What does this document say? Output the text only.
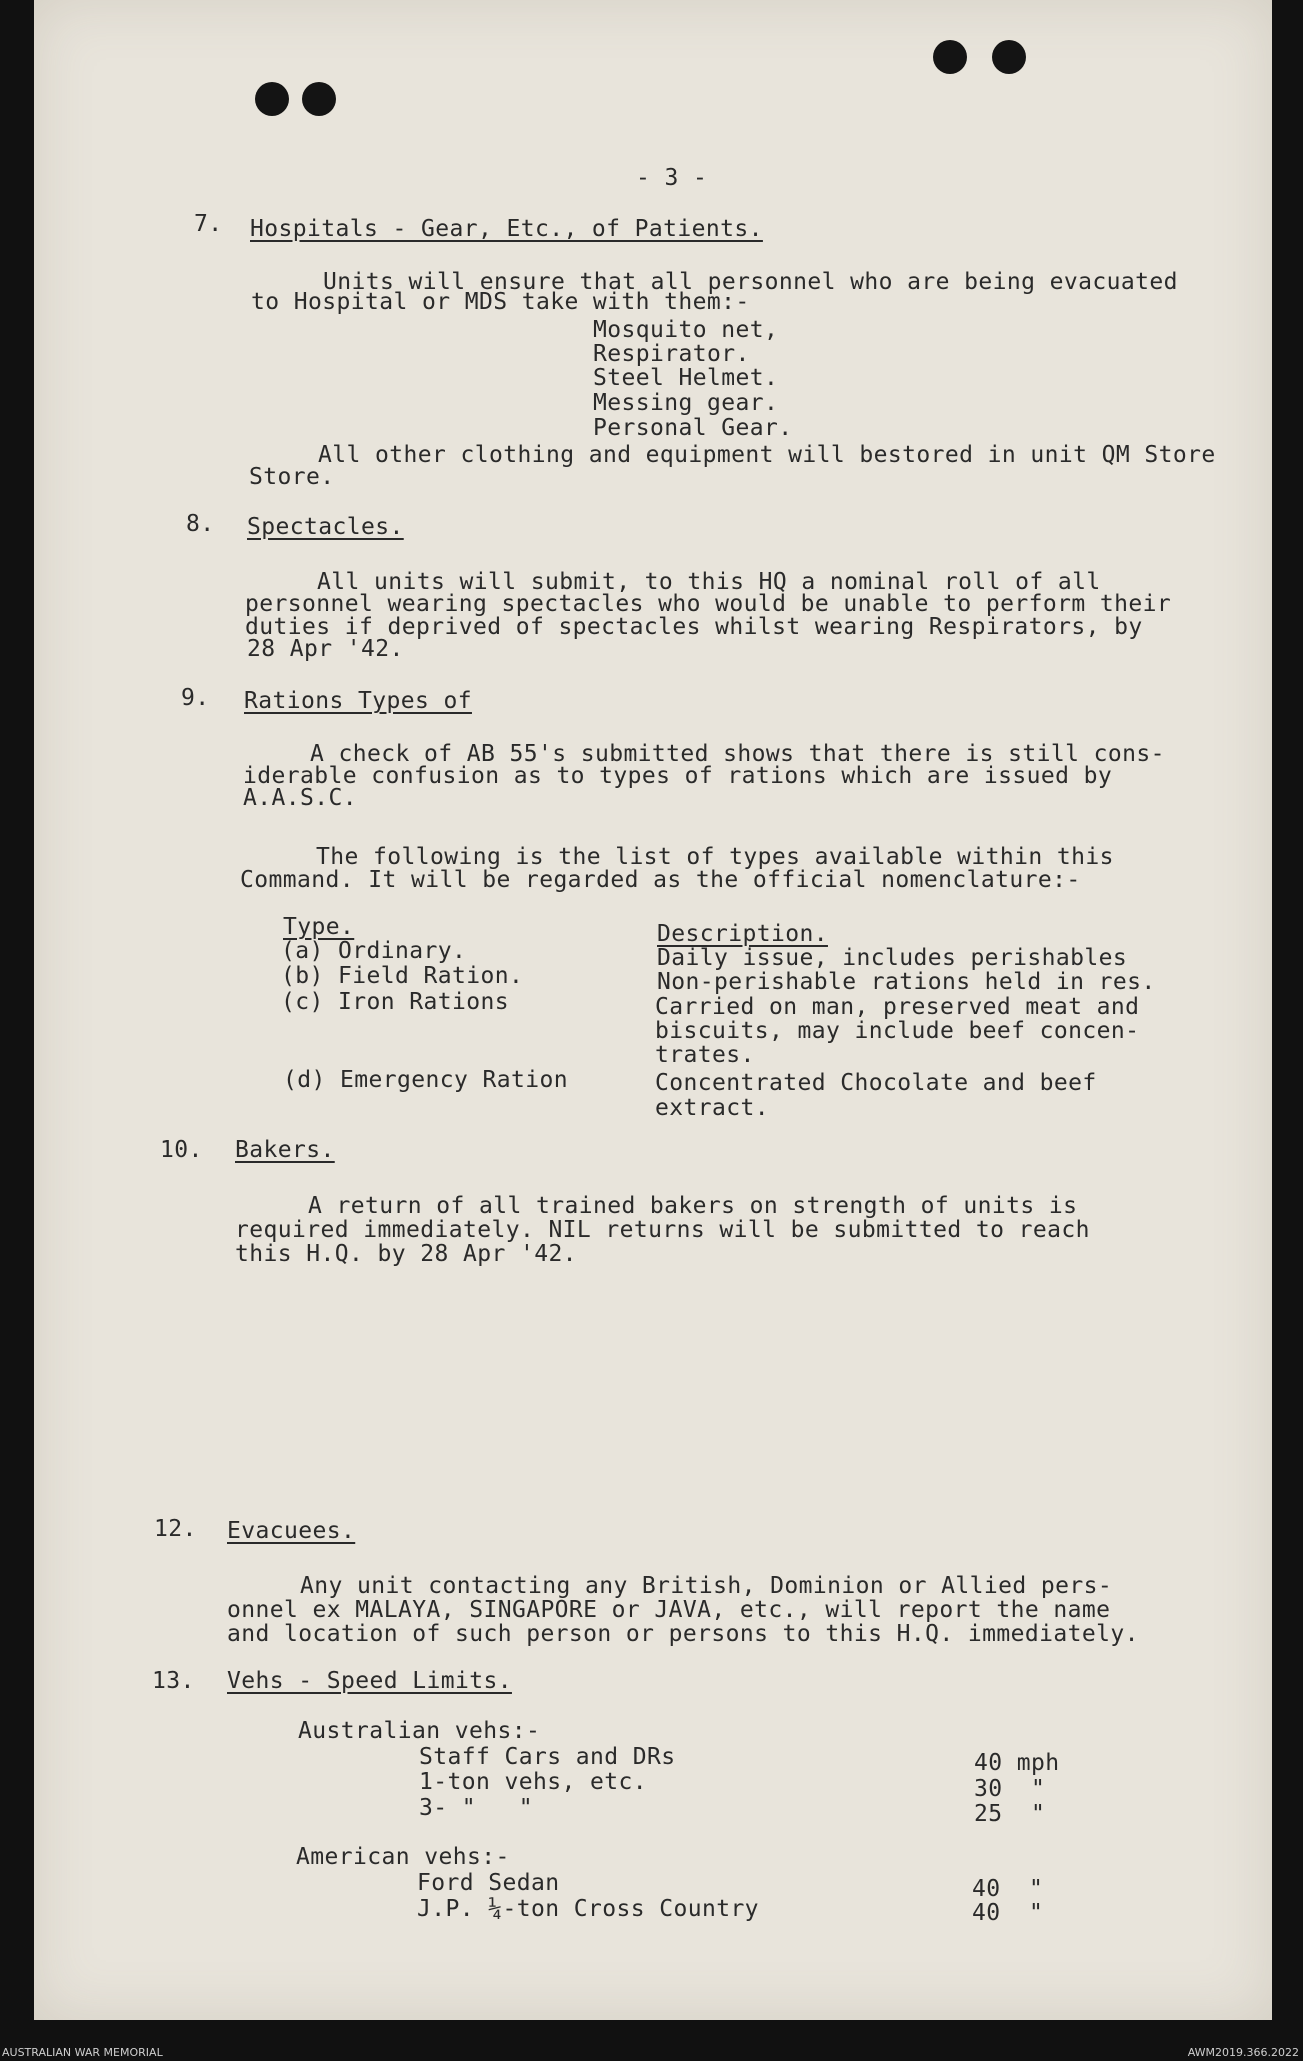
- 3 -
7. Hospitals - Gear, Etc., of Patients.
Units will ensure that all personnel who are being evacuated
to Hospital or MDS take with them:-
Mosquito net,
Respirator.
Steel Helmet.
Messing gear.
Personal Gear.
All other clothing and equipment will bestored in unit QM Store
Store.
8. Spectacles.
All units will submit, to this HQ a nominal roll of all
personnel wearing spectacles who would be unable to perform their
duties if deprived of spectacles whilst wearing Respirators, by
28 Apr '42.
9. Rations Types of
A check of AB 55's submitted shows that there is still cons-
iderable confusion as to types of rations which are issued by
A.A.S.C.
The following is the list of types available within this
Command. It will be regarded as the official nomenclature:-
Type.	Description.
(a) Ordinary.	Daily issue, includes perishables
(b) Field Ration.	Non-perishable rations held in res.
(c) Iron Rations	Carried on man, preserved meat and
biscuits, may include beef concen-
trates.
(d) Emergency Ration	Concentrated Chocolate and beef
extract.
10. Bakers.
A return of all trained bakers on strength of units is
required immediately. NIL returns will be submitted to reach
this H.Q. by 28 Apr '42.
12. Evacuees.
Any unit contacting any British, Dominion or Allied pers-
onnel ex MALAYA, SINGAPORE or JAVA, etc., will report the name
and location of such person or persons to this H.Q. immediately.
13. Vehs - Speed Limits.
Australian vehs:-
Staff Cars and DRs	40 mph
1-ton vehs, etc.	30  "
3- "   "	25  "
American vehs:-
Ford Sedan	40  "
J.P. ¼-ton Cross Country	40  "
AUSTRALIAN WAR MEMORIAL	AWM2019.366.2022
